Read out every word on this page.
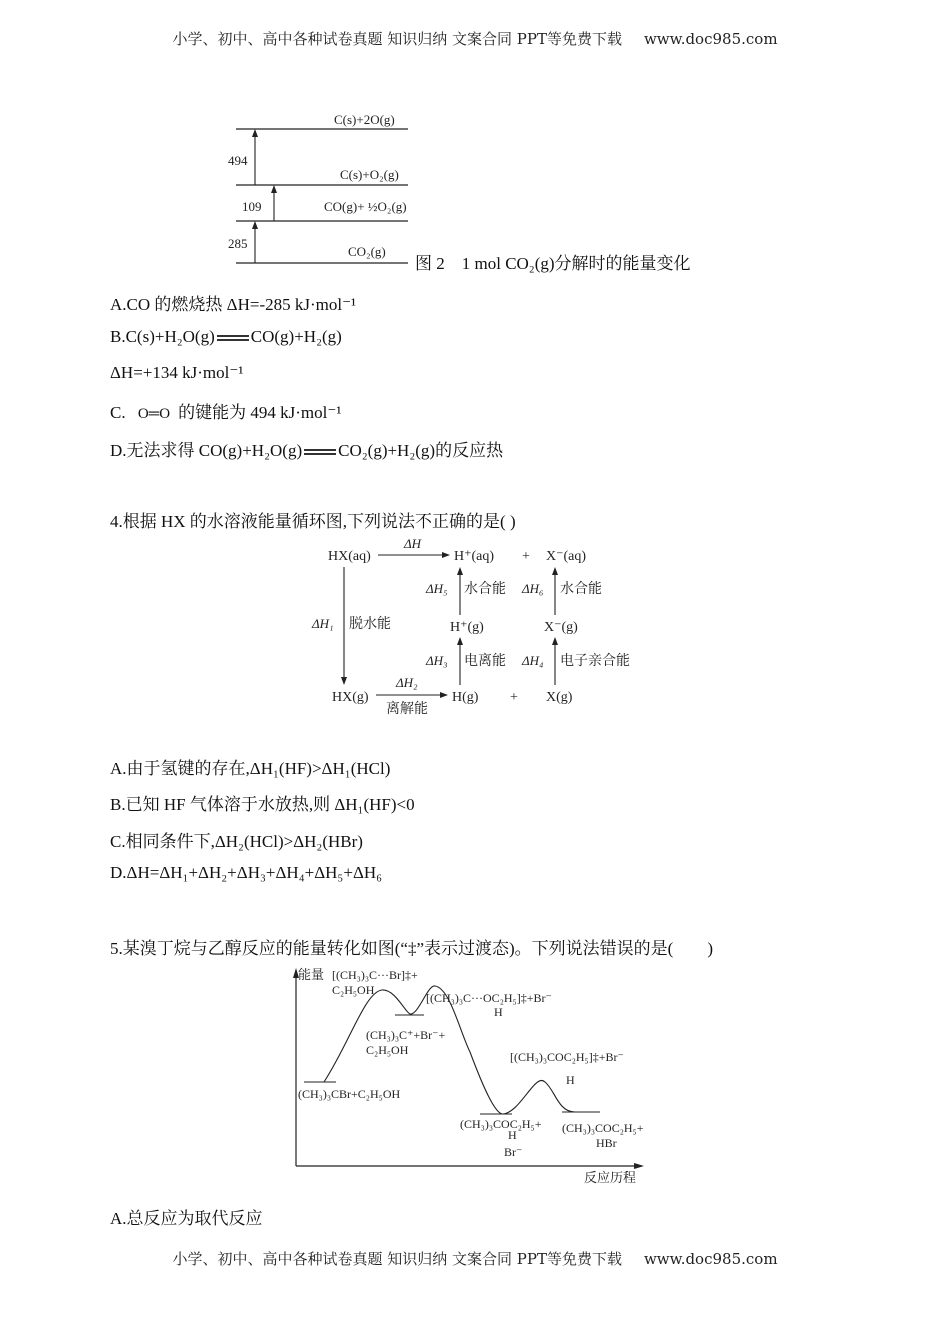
小学、初中、高中各种试卷真题 知识归纳 文案合同 PPT等免费下载 www.doc985.com
C(s)+2O(g)
C(s)+O₂(g)
CO(g)+ ½O₂(g)
CO₂(g)
494
109
285
图 2　1 mol CO₂(g)分解时的能量变化
A.CO 的燃烧热 ΔH=-285 kJ·mol⁻¹
B.C(s)+H₂O(g) CO(g)+H₂(g)
ΔH=+134 kJ·mol⁻¹
C. O═O 的键能为 494 kJ·mol⁻¹
D.无法求得 CO(g)+H₂O(g) CO₂(g)+H₂(g)的反应热
4.根据 HX 的水溶液能量循环图,下列说法不正确的是( )
HX(aq)
ΔH
H⁺(aq) + X⁻(aq)
ΔH₁ 脱水能
ΔH₅ 水合能 ΔH₆ 水合能
H⁺(g)	X⁻(g)
ΔH₃ 电离能 ΔH₄ 电子亲合能
HX(g)
ΔH₂
离解能
H(g) + X(g)
A.由于氢键的存在,ΔH₁(HF)>ΔH₁(HCl)
B.已知 HF 气体溶于水放热,则 ΔH₁(HF)<0
C.相同条件下,ΔH₂(HCl)>ΔH₂(HBr)
D.ΔH=ΔH₁+ΔH₂+ΔH₃+ΔH₄+ΔH₅+ΔH₆
5.某溴丁烷与乙醇反应的能量转化如图(“‡”表示过渡态)。下列说法错误的是(　　)
能量
反应历程
[(CH₃)₃C···Br]‡+
C₂H₅OH
[(CH₃)₃C···OC₂H₅]‡+Br⁻
H
(CH₃)₃C⁺+Br⁻+
C₂H₅OH	[(CH₃)₃COC₂H₅]‡+Br⁻
H
(CH₃)₃CBr+C₂H₅OH
(CH₃)₃COC₂H₅+
H
Br⁻
(CH₃)₃COC₂H₅+
HBr
A.总反应为取代反应
小学、初中、高中各种试卷真题 知识归纳 文案合同 PPT等免费下载 www.doc985.com
